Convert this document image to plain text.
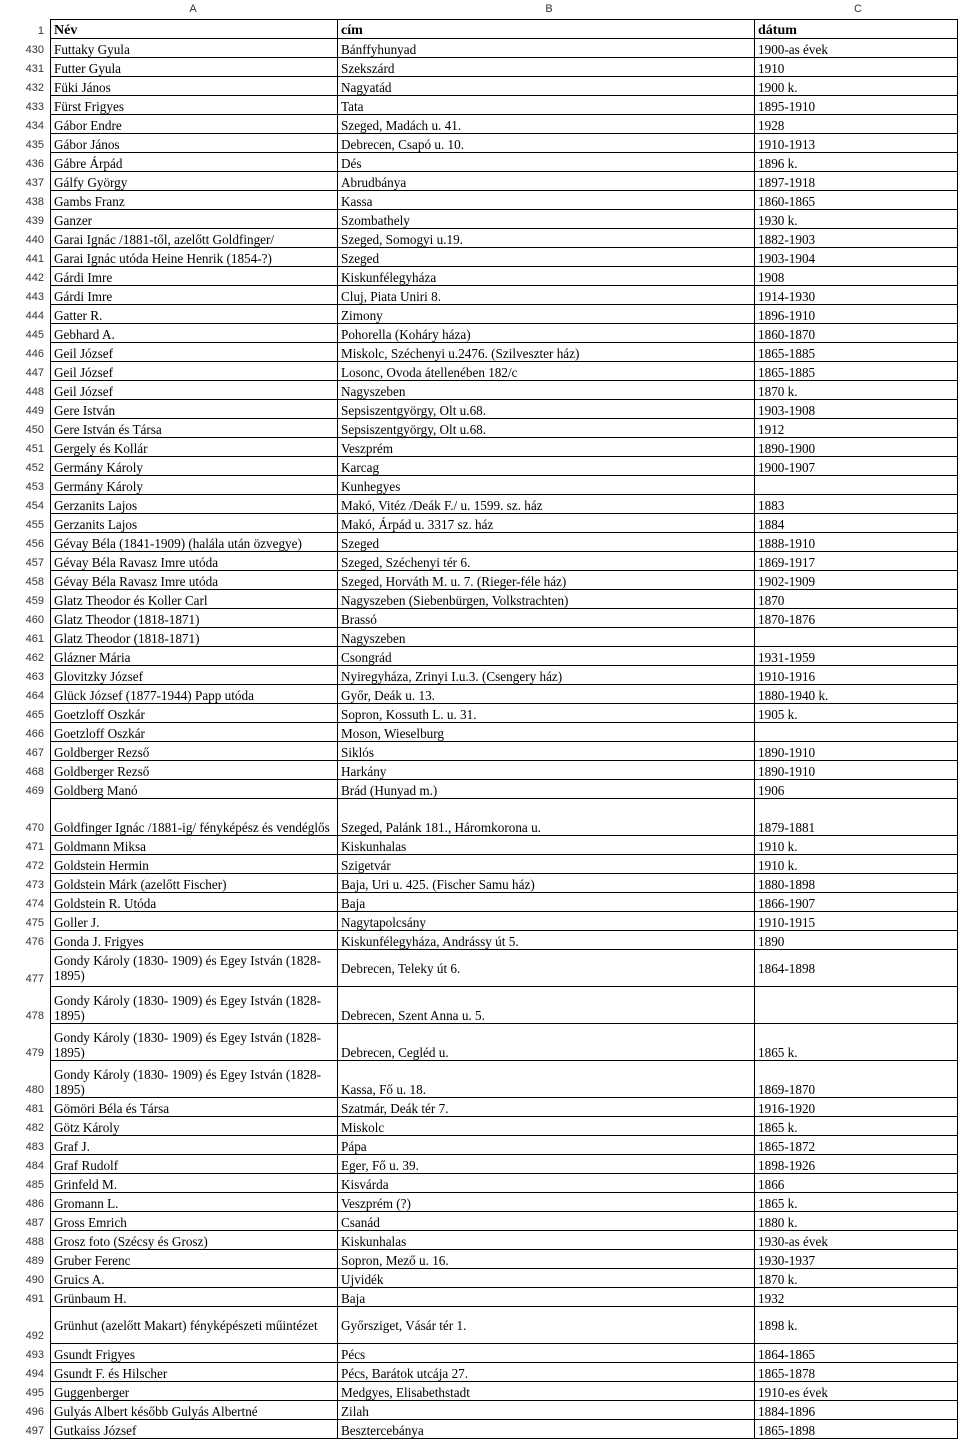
A	B	C
1	Név	cím	dátum
430	Futtaky Gyula	Bánffyhunyad	1900-as évek
431	Futter Gyula	Szekszárd	1910
432	Füki János	Nagyatád	1900 k.
433	Fürst Frigyes	Tata	1895-1910
434	Gábor Endre	Szeged, Madách u. 41.	1928
435	Gábor János	Debrecen, Csapó u. 10.	1910-1913
436	Gábre Árpád	Dés	1896 k.
437	Gálfy György	Abrudbánya	1897-1918
438	Gambs Franz	Kassa	1860-1865
439	Ganzer	Szombathely	1930 k.
440	Garai Ignác /1881-től, azelőtt Goldfinger/	Szeged, Somogyi u.19.	1882-1903
441	Garai Ignác utóda Heine Henrik (1854-?)	Szeged	1903-1904
442	Gárdi Imre	Kiskunfélegyháza	1908
443	Gárdi Imre	Cluj, Piata Uniri 8.	1914-1930
444	Gatter R.	Zimony	1896-1910
445	Gebhard A.	Pohorella (Koháry háza)	1860-1870
446	Geil József	Miskolc, Széchenyi u.2476. (Szilveszter ház)	1865-1885
447	Geil József	Losonc, Ovoda átellenében 182/c	1865-1885
448	Geil József	Nagyszeben	1870 k.
449	Gere István	Sepsiszentgyörgy, Olt u.68.	1903-1908
450	Gere István és Társa	Sepsiszentgyörgy, Olt u.68.	1912
451	Gergely és Kollár	Veszprém	1890-1900
452	Germány Károly	Karcag	1900-1907
453	Germány Károly	Kunhegyes	
454	Gerzanits Lajos	Makó, Vitéz /Deák F./ u. 1599. sz. ház	1883
455	Gerzanits Lajos	Makó, Árpád u. 3317 sz. ház	1884
456	Gévay Béla (1841-1909) (halála után özvegye)	Szeged	1888-1910
457	Gévay Béla Ravasz Imre utóda	Szeged, Széchenyi tér 6.	1869-1917
458	Gévay Béla Ravasz Imre utóda	Szeged, Horváth M. u. 7. (Rieger-féle ház)	1902-1909
459	Glatz Theodor és Koller Carl	Nagyszeben (Siebenbürgen, Volkstrachten)	1870
460	Glatz Theodor (1818-1871)	Brassó	1870-1876
461	Glatz Theodor (1818-1871)	Nagyszeben	
462	Glázner Mária	Csongrád	1931-1959
463	Glovitzky József	Nyiregyháza, Zrinyi I.u.3. (Csengery ház)	1910-1916
464	Glück József (1877-1944) Papp utóda	Győr, Deák u. 13.	1880-1940 k.
465	Goetzloff Oszkár	Sopron, Kossuth L. u. 31.	1905 k.
466	Goetzloff Oszkár	Moson, Wieselburg	
467	Goldberger Rezső	Siklós	1890-1910
468	Goldberger Rezső	Harkány	1890-1910
469	Goldberg Manó	Brád (Hunyad m.)	1906
470	Goldfinger Ignác /1881-ig/ fényképész és vendéglős	Szeged, Palánk 181., Háromkorona u.	1879-1881
471	Goldmann Miksa	Kiskunhalas	1910 k.
472	Goldstein Hermin	Szigetvár	1910 k.
473	Goldstein Márk (azelőtt Fischer)	Baja, Uri u. 425. (Fischer Samu ház)	1880-1898
474	Goldstein R. Utóda	Baja	1866-1907
475	Goller J.	Nagytapolcsány	1910-1915
476	Gonda J. Frigyes	Kiskunfélegyháza, Andrássy út 5.	1890
477	Gondy Károly (1830- 1909) és Egey István (1828-1895)	Debrecen, Teleky út 6.	1864-1898
478	Gondy Károly (1830- 1909) és Egey István (1828-1895)	Debrecen, Szent Anna u. 5.	
479	Gondy Károly (1830- 1909) és Egey István (1828-1895)	Debrecen, Cegléd u.	1865 k.
480	Gondy Károly (1830- 1909) és Egey István (1828-1895)	Kassa, Fő u. 18.	1869-1870
481	Gömöri Béla és Társa	Szatmár, Deák tér 7.	1916-1920
482	Götz Károly	Miskolc	1865 k.
483	Graf J.	Pápa	1865-1872
484	Graf Rudolf	Eger, Fő u. 39.	1898-1926
485	Grinfeld M.	Kisvárda	1866
486	Gromann L.	Veszprém (?)	1865 k.
487	Gross Emrich	Csanád	1880 k.
488	Grosz foto (Szécsy és Grosz)	Kiskunhalas	1930-as évek
489	Gruber Ferenc	Sopron, Mező u. 16.	1930-1937
490	Gruics A.	Ujvidék	1870 k.
491	Grünbaum H.	Baja	1932
492	Grünhut (azelőtt Makart) fényképészeti műintézet	Győrsziget, Vásár tér 1.	1898 k.
493	Gsundt Frigyes	Pécs	1864-1865
494	Gsundt F. és Hilscher	Pécs, Barátok utcája 27.	1865-1878
495	Guggenberger	Medgyes, Elisabethstadt	1910-es évek
496	Gulyás Albert később Gulyás Albertné	Zilah	1884-1896
497	Gutkaiss József	Besztercebánya	1865-1898
